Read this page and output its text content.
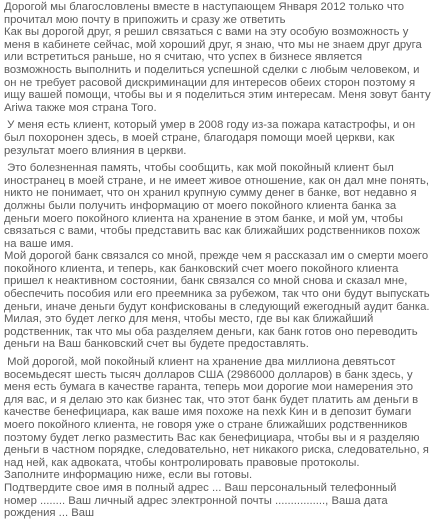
Дорогой мы благословлены вместе в наступающем Января 2012 только что прочитал мою почту в припожить и сразу же ответить

Как вы дорогой друг, я решил связаться с вами на эту особую возможность у меня в кабинете сейчас, мой хороший друг, я знаю, что мы не знаем друг друга или встретиться раньше, но я считаю, что успех в бизнесе является возможность выполнить и поделиться успешной сделки с любым человеком, и он не требует расовой дискриминации для интересов обеих сторон поэтому я ищу вашей помощи, чтобы вы и я поделиться этим интересам. Меня зовут банту Ariwa также моя страна Того.

У меня есть клиент, который умер в 2008 году из-за пожара катастрофы, и он был похоронен здесь, в моей стране, благодаря помощи моей церкви, как результат моего влияния в церкви.

Это болезненная память, чтобы сообщить, как мой покойный клиент был иностранец в моей стране, и не имеет живое отношение, как он дал мне понять, никто не понимает, что он хранил крупную сумму денег в банке, вот недавно я должны были получить информацию от моего покойного клиента банка за деньги моего покойного клиента на хранение в этом банке, и мой ум, чтобы связаться с вами, чтобы представить вас как ближайших родственников похож на ваше имя.

Мой дорогой банк связался со мной, прежде чем я рассказал им о смерти моего покойного клиента, и теперь, как банковский счет моего покойного клиента пришел к неактивном состоянии, банк связался со мной снова и сказал мне, обеспечить пособия или его преемника за рубежом, так что они будут выпускать деньги, иначе деньги будут конфискованы в следующий ежегодный аудит банка.

Милая, это будет легко для меня, чтобы место, где вы как ближайший родственник, так что мы оба разделяем деньги, как банк готов оно переводить деньги на Ваш банковский счет вы будете предоставлять.

Мой дорогой, мой покойный клиент на хранение два миллиона девятьсот восемьдесят шесть тысяч долларов США (2986000 долларов) в банк здесь, у меня есть бумага в качестве гаранта, теперь мои дорогие мои намерения это для вас, и я делаю это как бизнес так, что этот банк будет платить ам деньги в качестве бенефициара, как ваше имя похоже на nexk Кин и в депозит бумаги моего покойного клиента, не говоря уже о стране ближайших родственников поэтому будет легко разместить Вас как бенефициара, чтобы вы и я разделяю деньги в частном порядке, следовательно, нет никакого риска, следовательно, я над ней, как адвоката, чтобы контролировать правовые протоколы.

Заполните информацию ниже, если вы готовы.

Подтвердите свое имя в полный адрес ... Ваш персональный телефонный номер ........ Ваш личный адрес электронной почты ................, Ваша дата рождения ... Ваш
